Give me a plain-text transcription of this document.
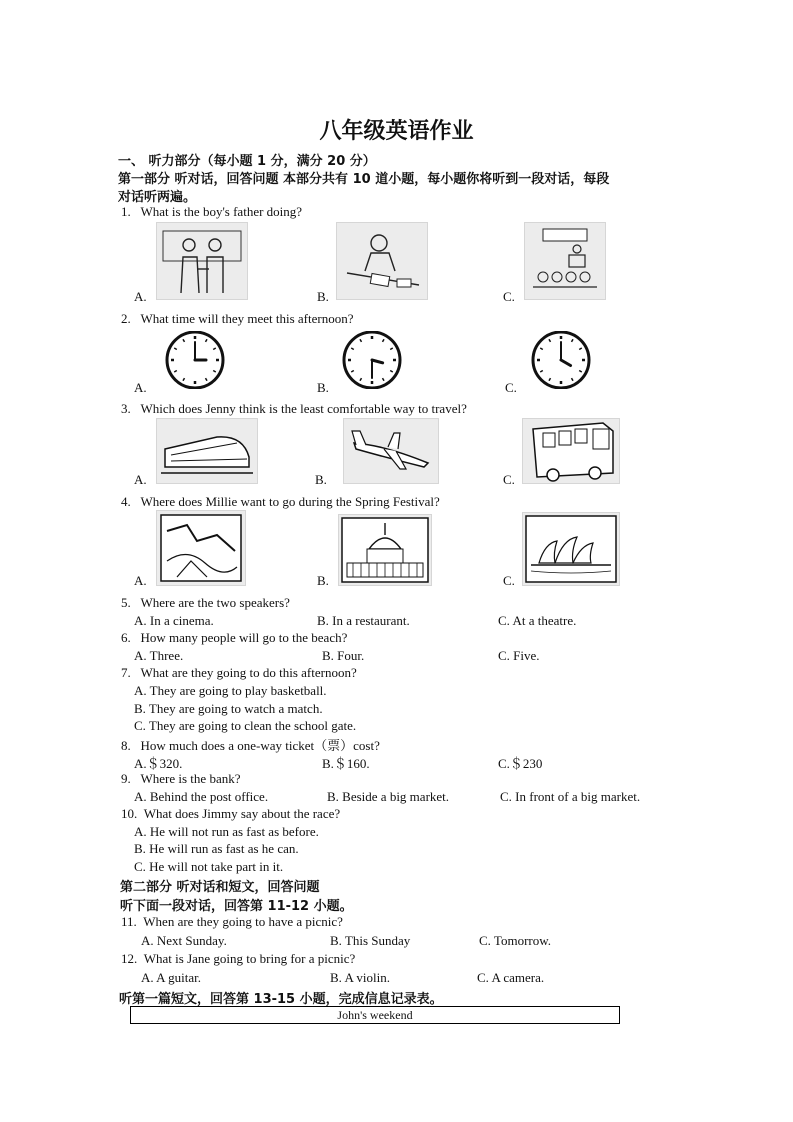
八年级英语作业
一、 听力部分（每小题 1 分，满分 20 分）
第一部分 听对话，回答问题 本部分共有 10 道小题，每小题你将听到一段对话，每段
对话听两遍。
1. What is the boy's father doing?
A.	B.	C.
2. What time will they meet this afternoon?
A.	B.	C.
3. Which does Jenny think is the least comfortable way to travel?
A.	B.	C.
4. Where does Millie want to go during the Spring Festival?
A.	B.	C.
5. Where are the two speakers?
A. In a cinema.	B. In a restaurant.	C. At a theatre.
6. How many people will go to the beach?
A. Three.	B. Four.	C. Five.
7. What are they going to do this afternoon?
A. They are going to play basketball.
B. They are going to watch a match.
C. They are going to clean the school gate.
8. How much does a one-way ticket（票）cost?
A.＄320.	B.＄160.	C.＄230
9. Where is the bank?
A. Behind the post office.	B. Beside a big market.	C. In front of a big market.
10. What does Jimmy say about the race?
A. He will not run as fast as before.
B. He will run as fast as he can.
C. He will not take part in it.
第二部分 听对话和短文，回答问题
听下面一段对话，回答第 11-12 小题。
11. When are they going to have a picnic?
A. Next Sunday.	B. This Sunday	C. Tomorrow.
12. What is Jane going to bring for a picnic?
A. A guitar.	B. A violin.	C. A camera.
听第一篇短文，回答第 13-15 小题，完成信息记录表。
John's weekend
